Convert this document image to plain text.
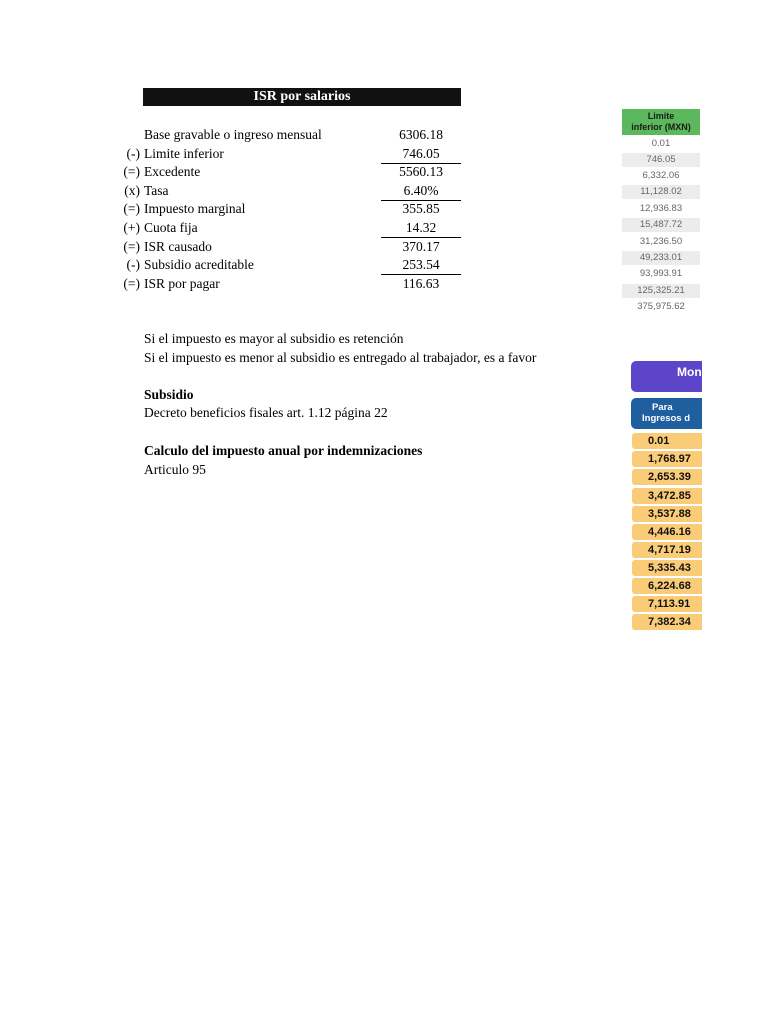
ISR por salarios
Base gravable o ingreso mensual	6306.18
(-) Limite inferior	746.05
(=) Excedente	5560.13
(x) Tasa	6.40%
(=) Impuesto marginal	355.85
(+) Cuota fija	14.32
(=) ISR causado	370.17
(-) Subsidio acreditable	253.54
(=) ISR por pagar	116.63
Si el impuesto es mayor al subsidio es retención
Si el impuesto es menor al subsidio es entregado al trabajador, es a favor
Subsidio
Decreto beneficios fisales art. 1.12 página 22
Calculo del impuesto anual por indemnizaciones
Articulo 95
Limite
inferior (MXN)
0.01
746.05
6,332.06
11,128.02
12,936.83
15,487.72
31,236.50
49,233.01
93,993.91
125,325.21
375,975.62
Mon
Para
Ingresos d
0.01
1,768.97
2,653.39
3,472.85
3,537.88
4,446.16
4,717.19
5,335.43
6,224.68
7,113.91
7,382.34
